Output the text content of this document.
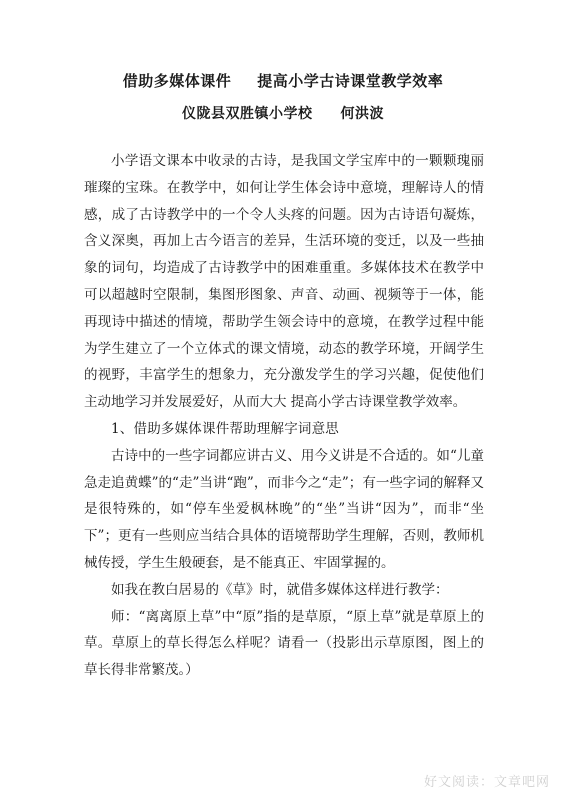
借助多媒体课件 提高小学古诗课堂教学效率
仪陇县双胜镇小学校 何洪波

小学语文课本中收录的古诗，是我国文学宝库中的一颗颗瑰丽璀璨的宝珠。在教学中，如何让学生体会诗中意境，理解诗人的情感，成了古诗教学中的一个令人头疼的问题。因为古诗语句凝炼，含义深奥，再加上古今语言的差异，生活环境的变迁，以及一些抽象的词句，均造成了古诗教学中的困难重重。多媒体技术在教学中可以超越时空限制，集图形图象、声音、动画、视频等于一体，能再现诗中描述的情境，帮助学生领会诗中的意境，在教学过程中能为学生建立了一个立体式的课文情境，动态的教学环境，开阔学生的视野，丰富学生的想象力，充分激发学生的学习兴趣，促使他们主动地学习并发展爱好，从而大大 提高小学古诗课堂教学效率。

1、借助多媒体课件帮助理解字词意思

古诗中的一些字词都应讲古义、用今义讲是不合适的。如“儿童急走追黄蝶”的“走”当讲“跑”，而非今之“走”；有一些字词的解释又是很特殊的，如“停车坐爱枫林晚”的“坐”当讲“因为”，而非“坐下”；更有一些则应当结合具体的语境帮助学生理解，否则，教师机械传授，学生生般硬套，是不能真正、牢固掌握的。

如我在教白居易的《草》时，就借多媒体这样进行教学：

师：“离离原上草”中“原”指的是草原，“原上草”就是草原上的草。草原上的草长得怎么样呢？请看一（投影出示草原图，图上的草长得非常繁茂。）

好文阅读：文章吧网
